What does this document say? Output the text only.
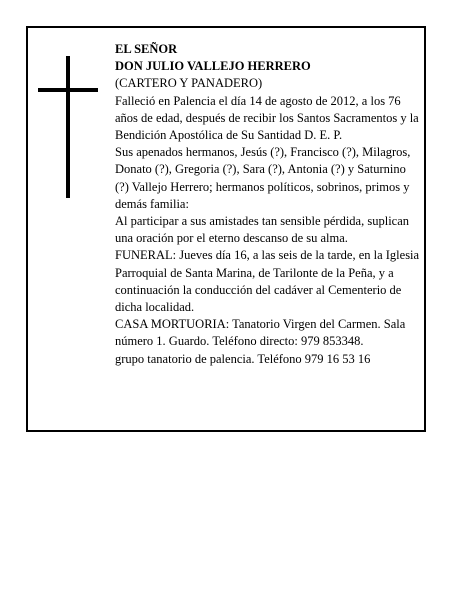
EL SEÑOR

DON JULIO VALLEJO HERRERO

(CARTERO Y PANADERO)

Falleció en Palencia el día 14 de agosto de 2012, a los 76 años de edad, después de recibir los Santos Sacramentos y la Bendición Apostólica de Su Santidad D. E. P.

Sus apenados hermanos, Jesús (?), Francisco (?), Milagros, Donato (?), Gregoria (?), Sara (?), Antonia (?) y Saturnino (?) Vallejo Herrero; hermanos políticos, sobrinos, primos y demás familia:

Al participar a sus amistades tan sensible pérdida, suplican una oración por el eterno descanso de su alma.

FUNERAL: Jueves día 16, a las seis de la tarde, en la Iglesia Parroquial de Santa Marina, de Tarilonte de la Peña, y a continuación la conducción del cadáver al Cementerio de dicha localidad.

CASA MORTUORIA: Tanatorio Virgen del Carmen. Sala número 1. Guardo. Teléfono directo: 979 853348.

grupo tanatorio de palencia. Teléfono 979 16 53 16
